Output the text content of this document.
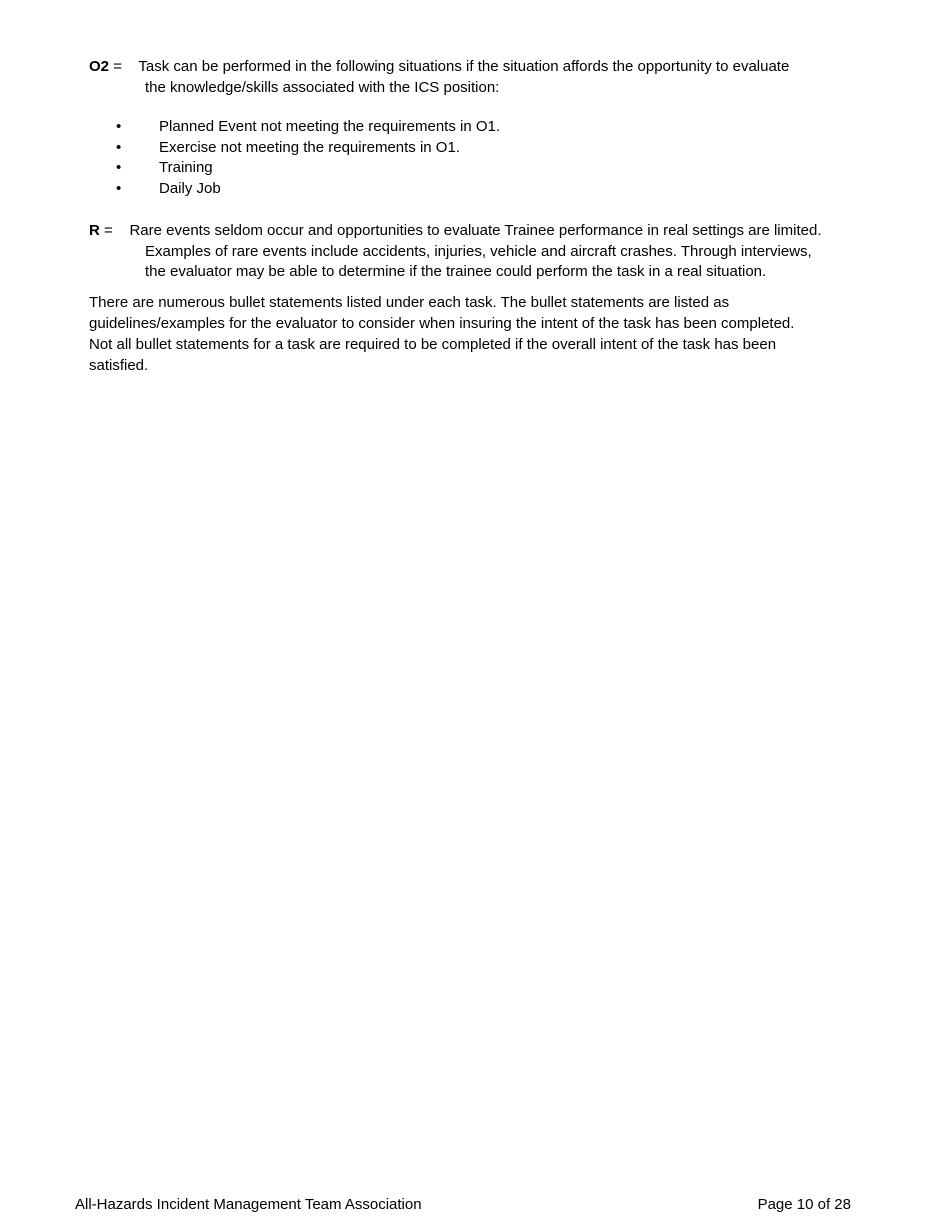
O2 = Task can be performed in the following situations if the situation affords the opportunity to evaluate
the knowledge/skills associated with the ICS position:
•	Planned Event not meeting the requirements in O1.
•	Exercise not meeting the requirements in O1.
•	Training
•	Daily Job
R = Rare events seldom occur and opportunities to evaluate Trainee performance in real settings are limited.
Examples of rare events include accidents, injuries, vehicle and aircraft crashes. Through interviews,
the evaluator may be able to determine if the trainee could perform the task in a real situation.
There are numerous bullet statements listed under each task. The bullet statements are listed as
guidelines/examples for the evaluator to consider when insuring the intent of the task has been completed.
Not all bullet statements for a task are required to be completed if the overall intent of the task has been
satisfied.
All-Hazards Incident Management Team Association	Page 10 of 28
